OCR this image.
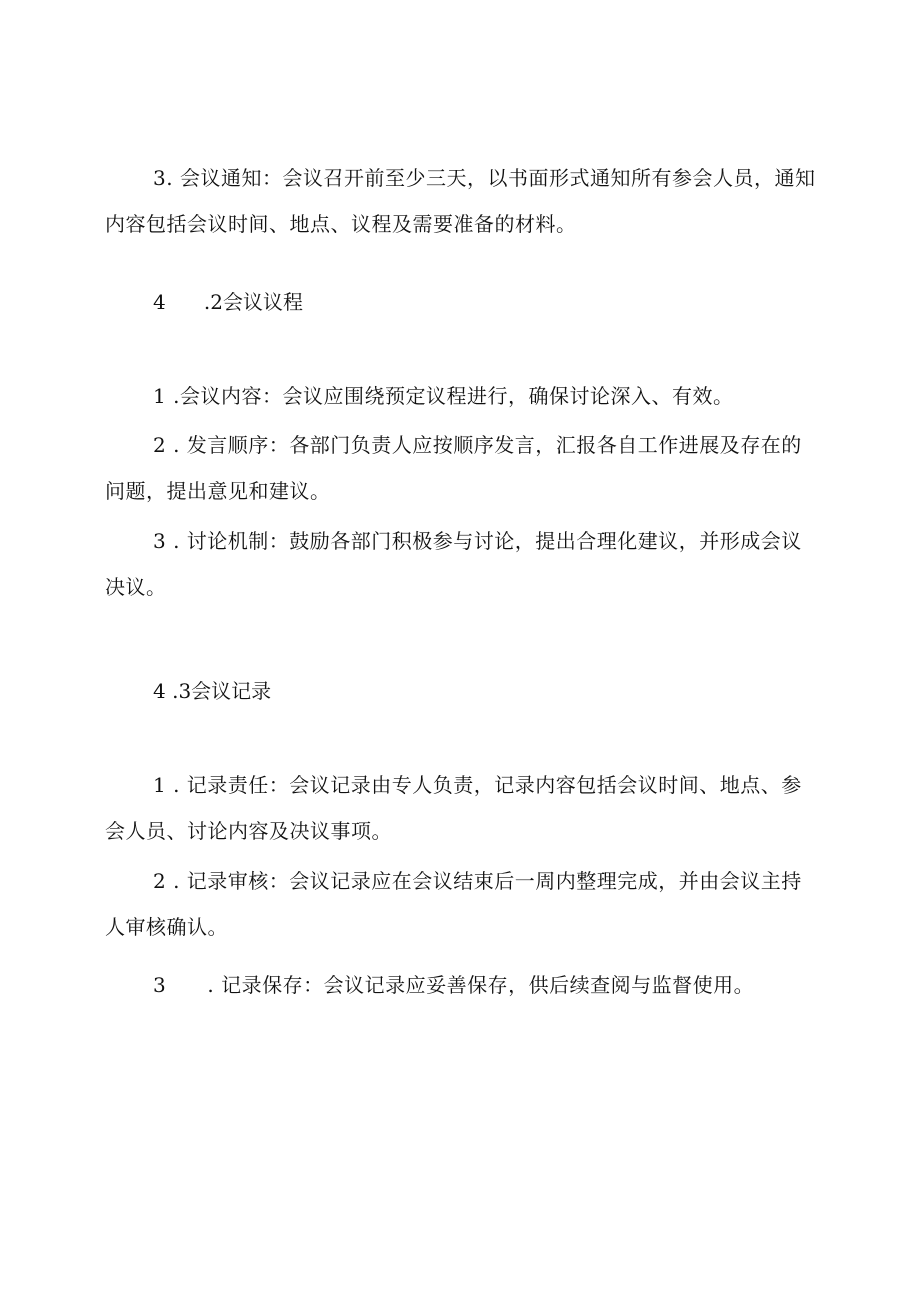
3. 会议通知：会议召开前至少三天，以书面形式通知所有参会人员，通知内容包括会议时间、地点、议程及需要准备的材料。

4      .2会议议程

1 .会议内容：会议应围绕预定议程进行，确保讨论深入、有效。

2 . 发言顺序：各部门负责人应按顺序发言，汇报各自工作进展及存在的问题，提出意见和建议。

3 . 讨论机制：鼓励各部门积极参与讨论，提出合理化建议，并形成会议决议。

4 .3会议记录

1 . 记录责任：会议记录由专人负责，记录内容包括会议时间、地点、参会人员、讨论内容及决议事项。

2 . 记录审核：会议记录应在会议结束后一周内整理完成，并由会议主持人审核确认。

3      . 记录保存：会议记录应妥善保存，供后续查阅与监督使用。
